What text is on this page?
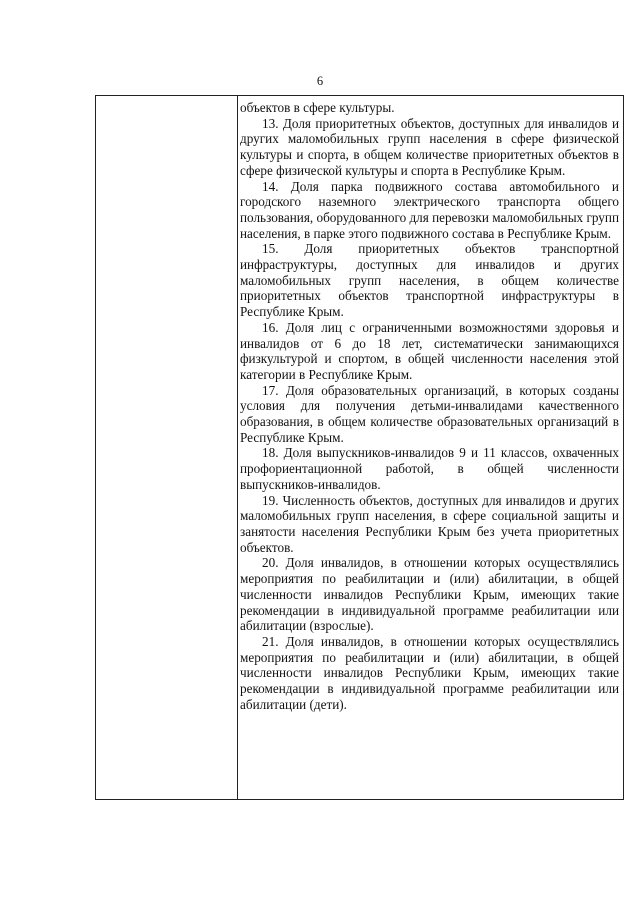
6

объектов в сфере культуры.

13. Доля приоритетных объектов, доступных для инвалидов и других маломобильных групп населения в сфере физической культуры и спорта, в общем количестве приоритетных объектов в сфере физической культуры и спорта в Республике Крым.

14. Доля парка подвижного состава автомобильного и городского наземного электрического транспорта общего пользования, оборудованного для перевозки маломобильных групп населения, в парке этого подвижного состава в Республике Крым.

15. Доля приоритетных объектов транспортной инфраструктуры, доступных для инвалидов и других маломобильных групп населения, в общем количестве приоритетных объектов транспортной инфраструктуры в Республике Крым.

16. Доля лиц с ограниченными возможностями здоровья и инвалидов от 6 до 18 лет, систематически занимающихся физкультурой и спортом, в общей численности населения этой категории в Республике Крым.

17. Доля образовательных организаций, в которых созданы условия для получения детьми-инвалидами качественного образования, в общем количестве образовательных организаций в Республике Крым.

18. Доля выпускников-инвалидов 9 и 11 классов, охваченных профориентационной работой, в общей численности выпускников-инвалидов.

19. Численность объектов, доступных для инвалидов и других маломобильных групп населения, в сфере социальной защиты и занятости населения Республики Крым без учета приоритетных объектов.

20. Доля инвалидов, в отношении которых осуществлялись мероприятия по реабилитации и (или) абилитации, в общей численности инвалидов Республики Крым, имеющих такие рекомендации в индивидуальной программе реабилитации или абилитации (взрослые).

21. Доля инвалидов, в отношении которых осуществлялись мероприятия по реабилитации и (или) абилитации, в общей численности инвалидов Республики Крым, имеющих такие рекомендации в индивидуальной программе реабилитации или абилитации (дети).
